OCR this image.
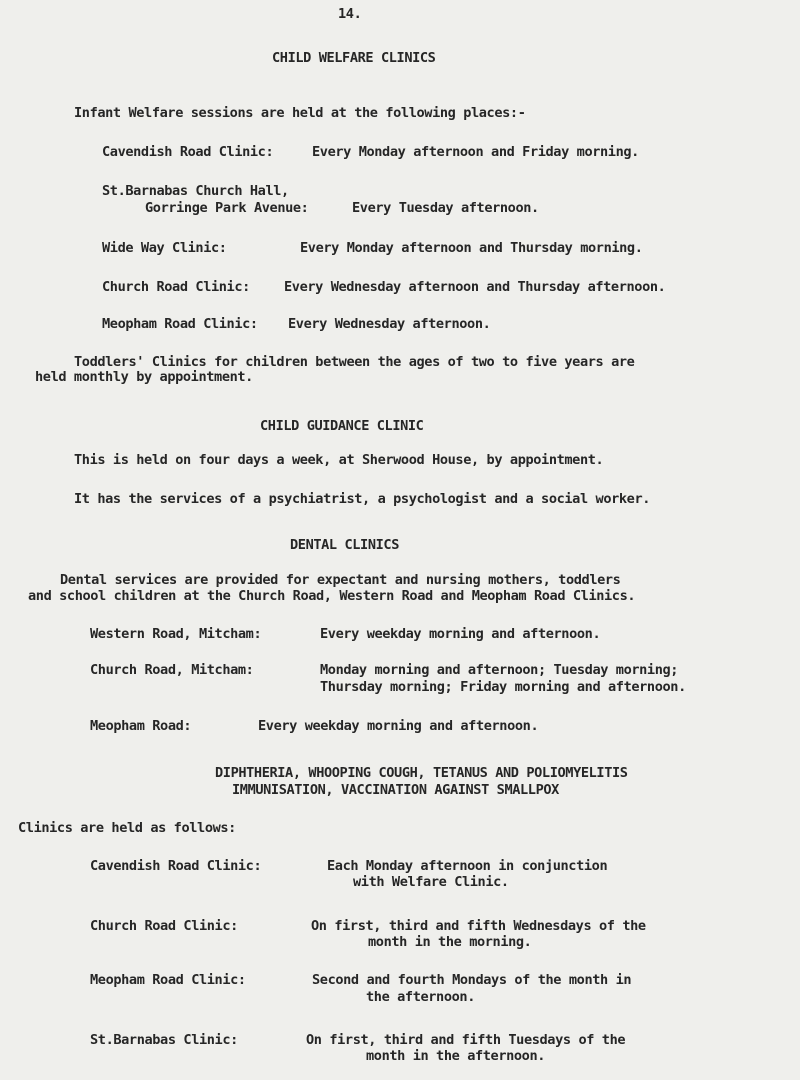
14.
CHILD WELFARE CLINICS
Infant Welfare sessions are held at the following places:-
Cavendish Road Clinic:	Every Monday afternoon and Friday morning.
St.Barnabas Church Hall,
Gorringe Park Avenue:	Every Tuesday afternoon.
Wide Way Clinic:	Every Monday afternoon and Thursday morning.
Church Road Clinic:	Every Wednesday afternoon and Thursday afternoon.
Meopham Road Clinic: Every Wednesday afternoon.
Toddlers' Clinics for children between the ages of two to five years are
held monthly by appointment.
CHILD GUIDANCE CLINIC
This is held on four days a week, at Sherwood House, by appointment.
It has the services of a psychiatrist, a psychologist and a social worker.
DENTAL CLINICS
Dental services are provided for expectant and nursing mothers, toddlers
and school children at the Church Road, Western Road and Meopham Road Clinics.
Western Road, Mitcham:	Every weekday morning and afternoon.
Church Road, Mitcham:	Monday morning and afternoon; Tuesday morning;
Thursday morning; Friday morning and afternoon.
Meopham Road:	Every weekday morning and afternoon.
DIPHTHERIA, WHOOPING COUGH, TETANUS AND POLIOMYELITIS
IMMUNISATION, VACCINATION AGAINST SMALLPOX
Clinics are held as follows:
Cavendish Road Clinic:	Each Monday afternoon in conjunction
with Welfare Clinic.
Church Road Clinic:	On first, third and fifth Wednesdays of the
month in the morning.
Meopham Road Clinic:	Second and fourth Mondays of the month in
the afternoon.
St.Barnabas Clinic:	On first, third and fifth Tuesdays of the
month in the afternoon.
